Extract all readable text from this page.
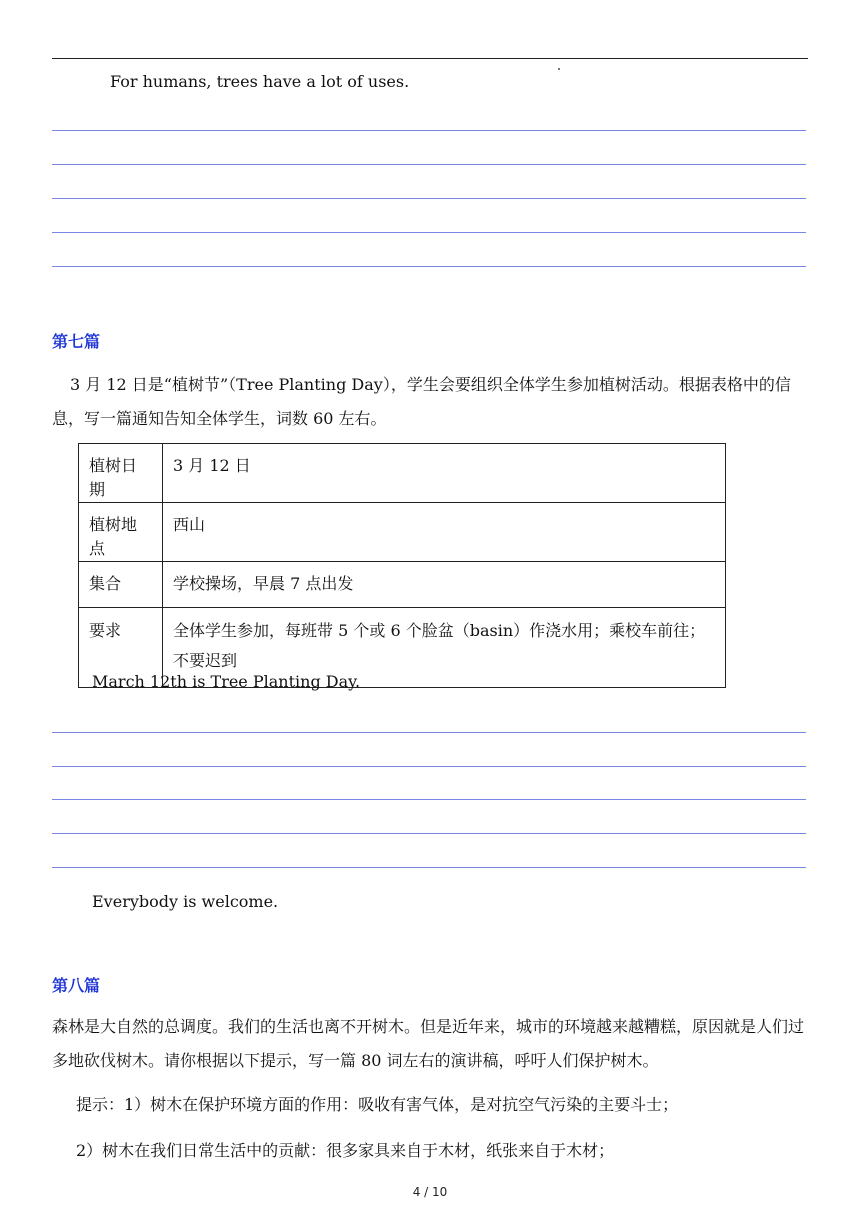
For humans, trees have a lot of uses.
第七篇
3 月 12 日是“植树节”（Tree Planting Day），学生会要组织全体学生参加植树活动。根据表格中的信息，写一篇通知告知全体学生，词数 60 左右。
植树日期	3 月 12 日
植树地点	西山
集合	学校操场，早晨 7 点出发
要求	全体学生参加，每班带 5 个或 6 个脸盆（basin）作浇水用；乘校车前往；不要迟到
March 12th is Tree Planting Day.
Everybody is welcome.
第八篇
森林是大自然的总调度。我们的生活也离不开树木。但是近年来，城市的环境越来越糟糕，原因就是人们过多地砍伐树木。请你根据以下提示，写一篇 80 词左右的演讲稿，呼吁人们保护树木。
提示：1）树木在保护环境方面的作用：吸收有害气体，是对抗空气污染的主要斗士；
2）树木在我们日常生活中的贡献：很多家具来自于木材，纸张来自于木材；
4 / 10
